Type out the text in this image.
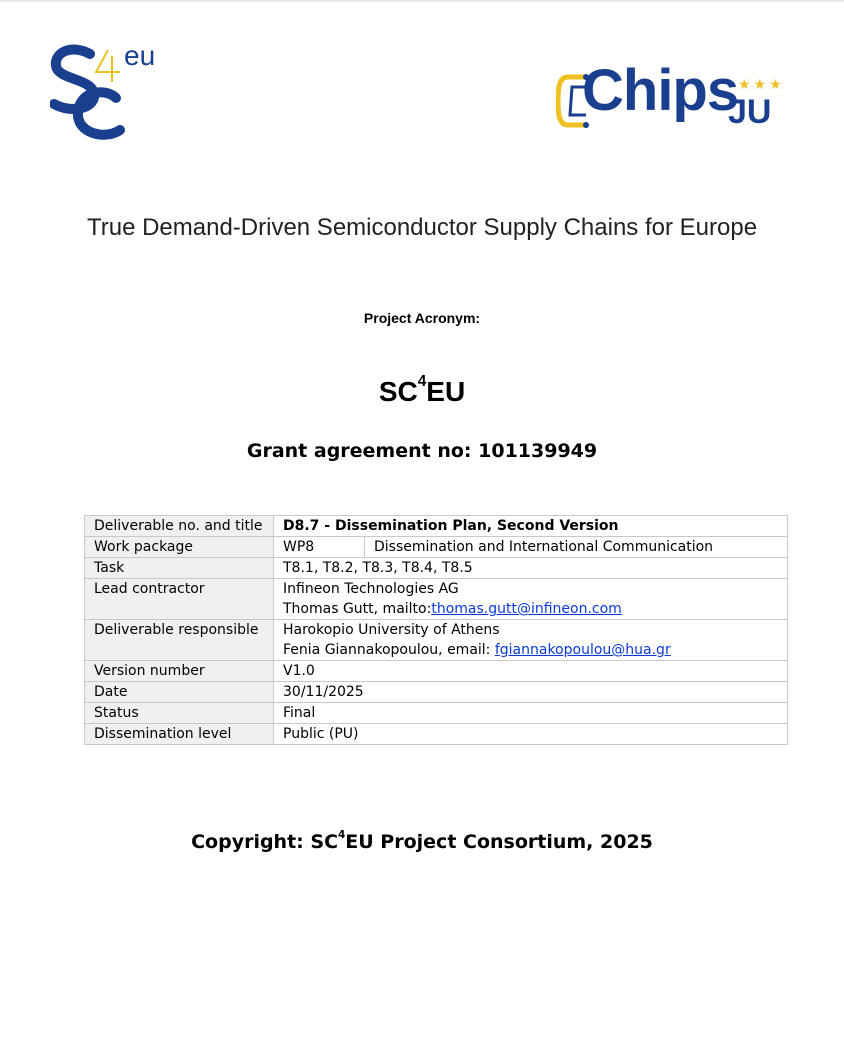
eu
Chips ★★★
JU
True Demand-Driven Semiconductor Supply Chains for Europe
Project Acronym:
$SC^4EU$
Grant agreement no: 101139949
Deliverable no. and title	D8.7 - Dissemination Plan, Second Version
Work package	WP8 Dissemination and International Communication

Task	T8.1, T8.2, T8.3, T8.4, T8.5
Lead contractor	Infineon Technologies AG
Thomas Gutt, mailto:thomas.gutt@infineon.com

Deliverable responsible	Harokopio University of Athens
Fenia Giannakopoulou, email: fgiannakopoulou@hua.gr

Version number	V1.0
Date	30/11/2025
Status	Final
Dissemination level	Public (PU)
Copyright: $SC^4EU$ Project Consortium, 2025
